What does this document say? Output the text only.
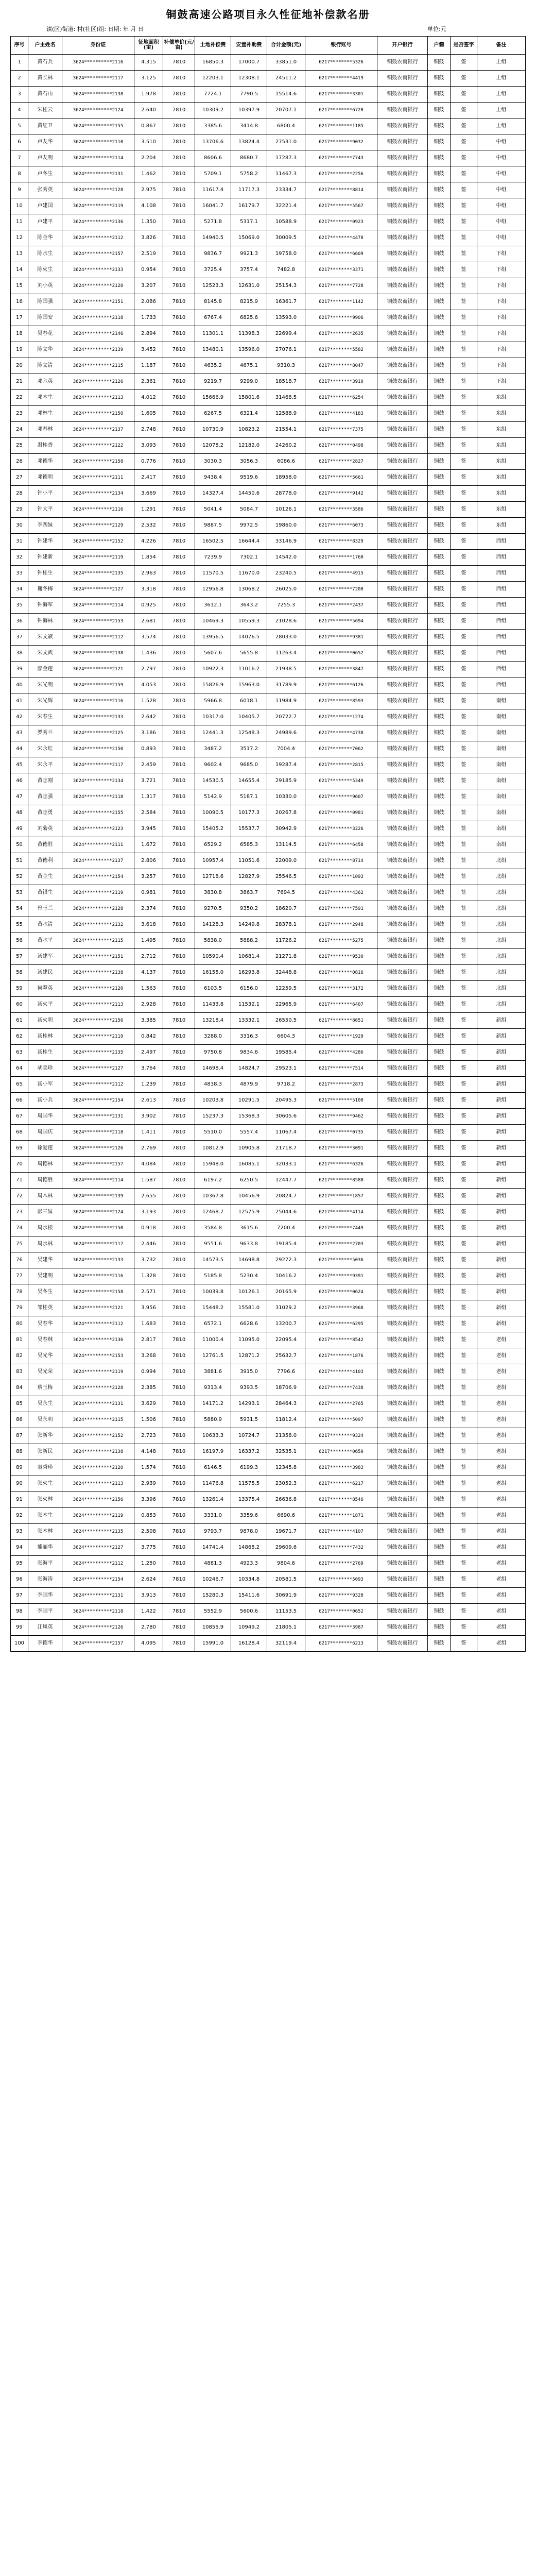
铜鼓高速公路项目永久性征地补偿款名册
镇(区)街道: 村(社区)组: 日期: 年 月 日	单位:元
序号	户主姓名	身份证	征地面积(亩)	补偿单价(元/亩)	土地补偿费	安置补助费	合计金额(元)	银行账号	开户银行	户籍	是否签字	备注
1	黄石兵	3624**********2116	4.315	7810	16850.3	17000.7	33851.0	6217********5326	铜鼓农商银行	铜鼓	签	上组
2	黄长林	3624**********2117	3.125	7810	12203.1	12308.1	24511.2	6217********4419	铜鼓农商银行	铜鼓	签	上组
3	黄石山	3624**********2138	1.978	7810	7724.1	7790.5	15514.6	6217********3301	铜鼓农商银行	铜鼓	签	上组
4	朱桂云	3624**********2124	2.640	7810	10309.2	10397.9	20707.1	6217********6720	铜鼓农商银行	铜鼓	签	上组
5	黄红卫	3624**********2155	0.867	7810	3385.6	3414.8	6800.4	6217********1185	铜鼓农商银行	铜鼓	签	上组
6	卢友华	3624**********2110	3.510	7810	13706.6	13824.4	27531.0	6217********9032	铜鼓农商银行	铜鼓	签	中组
7	卢友明	3624**********2114	2.204	7810	8606.6	8680.7	17287.3	6217********7743	铜鼓农商银行	铜鼓	签	中组
8	卢冬生	3624**********2131	1.462	7810	5709.1	5758.2	11467.3	6217********2256	铜鼓农商银行	铜鼓	签	中组
9	张秀英	3624**********2128	2.975	7810	11617.4	11717.3	23334.7	6217********8814	铜鼓农商银行	铜鼓	签	中组
10	卢建国	3624**********2119	4.108	7810	16041.7	16179.7	32221.4	6217********5567	铜鼓农商银行	铜鼓	签	中组
11	卢建平	3624**********2136	1.350	7810	5271.8	5317.1	10588.9	6217********0923	铜鼓农商银行	铜鼓	签	中组
12	陈金华	3624**********2112	3.826	7810	14940.5	15069.0	30009.5	6217********4478	铜鼓农商银行	铜鼓	签	中组
13	陈水生	3624**********2157	2.519	7810	9836.7	9921.3	19758.0	6217********6609	铜鼓农商银行	铜鼓	签	下组
14	陈火生	3624**********2133	0.954	7810	3725.4	3757.4	7482.8	6217********3371	铜鼓农商银行	铜鼓	签	下组
15	刘小英	3624**********2120	3.207	7810	12523.3	12631.0	25154.3	6217********7728	铜鼓农商银行	铜鼓	签	下组
16	陈国强	3624**********2151	2.086	7810	8145.8	8215.9	16361.7	6217********1142	铜鼓农商银行	铜鼓	签	下组
17	陈国安	3624**********2118	1.733	7810	6767.4	6825.6	13593.0	6217********9906	铜鼓农商银行	铜鼓	签	下组
18	吴春花	3624**********2146	2.894	7810	11301.1	11398.3	22699.4	6217********2635	铜鼓农商银行	铜鼓	签	下组
19	陈文华	3624**********2139	3.452	7810	13480.1	13596.0	27076.1	6217********5582	铜鼓农商银行	铜鼓	签	下组
20	陈文清	3624**********2115	1.187	7810	4635.2	4675.1	9310.3	6217********8047	铜鼓农商银行	铜鼓	签	下组
21	邓六英	3624**********2126	2.361	7810	9219.7	9299.0	18518.7	6217********3910	铜鼓农商银行	铜鼓	签	下组
22	邓木生	3624**********2113	4.012	7810	15666.9	15801.6	31468.5	6217********6254	铜鼓农商银行	铜鼓	签	东组
23	邓林生	3624**********2150	1.605	7810	6267.5	6321.4	12588.9	6217********4183	铜鼓农商银行	铜鼓	签	东组
24	邓春林	3624**********2137	2.748	7810	10730.9	10823.2	21554.1	6217********7375	铜鼓农商银行	铜鼓	签	东组
25	温桂香	3624**********2122	3.093	7810	12078.2	12182.0	24260.2	6217********0498	铜鼓农商银行	铜鼓	签	东组
26	邓德华	3624**********2158	0.776	7810	3030.3	3056.3	6086.6	6217********2827	铜鼓农商银行	铜鼓	签	东组
27	邓德明	3624**********2111	2.417	7810	9438.4	9519.6	18958.0	6217********5661	铜鼓农商银行	铜鼓	签	东组
28	钟小平	3624**********2134	3.669	7810	14327.4	14450.6	28778.0	6217********9142	铜鼓农商银行	铜鼓	签	东组
29	钟大平	3624**********2116	1.291	7810	5041.4	5084.7	10126.1	6217********3586	铜鼓农商银行	铜鼓	签	东组
30	李四妹	3624**********2129	2.532	7810	9887.5	9972.5	19860.0	6217********6073	铜鼓农商银行	铜鼓	签	东组
31	钟建华	3624**********2152	4.226	7810	16502.5	16644.4	33146.9	6217********8329	铜鼓农商银行	铜鼓	签	西组
32	钟建新	3624**********2119	1.854	7810	7239.9	7302.1	14542.0	6217********1760	铜鼓农商银行	铜鼓	签	西组
33	钟桂生	3624**********2135	2.963	7810	11570.5	11670.0	23240.5	6217********4915	铜鼓农商银行	铜鼓	签	西组
34	谢冬梅	3624**********2127	3.318	7810	12956.8	13068.2	26025.0	6217********7208	铜鼓农商银行	铜鼓	签	西组
35	钟海军	3624**********2114	0.925	7810	3612.1	3643.2	7255.3	6217********2437	铜鼓农商银行	铜鼓	签	西组
36	钟海林	3624**********2153	2.681	7810	10469.3	10559.3	21028.6	6217********5694	铜鼓农商银行	铜鼓	签	西组
37	朱文斌	3624**********2112	3.574	7810	13956.5	14076.5	28033.0	6217********9381	铜鼓农商银行	铜鼓	签	西组
38	朱文武	3624**********2138	1.436	7810	5607.6	5655.8	11263.4	6217********0652	铜鼓农商银行	铜鼓	签	西组
39	廖金莲	3624**********2121	2.797	7810	10922.3	11016.2	21938.5	6217********3847	铜鼓农商银行	铜鼓	签	西组
40	朱光明	3624**********2159	4.053	7810	15826.9	15963.0	31789.9	6217********6126	铜鼓农商银行	铜鼓	签	西组
41	朱光辉	3624**********2116	1.528	7810	5966.8	6018.1	11984.9	6217********8593	铜鼓农商银行	铜鼓	签	南组
42	朱春生	3624**********2133	2.642	7810	10317.0	10405.7	20722.7	6217********1274	铜鼓农商银行	铜鼓	签	南组
43	罗秀兰	3624**********2125	3.186	7810	12441.3	12548.3	24989.6	6217********4738	铜鼓农商银行	铜鼓	签	南组
44	朱永红	3624**********2150	0.893	7810	3487.2	3517.2	7004.4	6217********7062	铜鼓农商银行	铜鼓	签	南组
45	朱永平	3624**********2117	2.459	7810	9602.4	9685.0	19287.4	6217********2815	铜鼓农商银行	铜鼓	签	南组
46	黄志刚	3624**********2134	3.721	7810	14530.5	14655.4	29185.9	6217********5349	铜鼓农商银行	铜鼓	签	南组
47	黄志强	3624**********2118	1.317	7810	5142.9	5187.1	10330.0	6217********9607	铜鼓农商银行	铜鼓	签	南组
48	黄志勇	3624**********2155	2.584	7810	10090.5	10177.3	20267.8	6217********0981	铜鼓农商银行	铜鼓	签	南组
49	刘菊英	3624**********2123	3.945	7810	15405.2	15537.7	30942.9	6217********3226	铜鼓农商银行	铜鼓	签	南组
50	黄德胜	3624**********2111	1.672	7810	6529.2	6585.3	13114.5	6217********6458	铜鼓农商银行	铜鼓	签	南组
51	黄德利	3624**********2137	2.806	7810	10957.4	11051.6	22009.0	6217********8714	铜鼓农商银行	铜鼓	签	北组
52	黄金生	3624**********2154	3.257	7810	12718.6	12827.9	25546.5	6217********1093	铜鼓农商银行	铜鼓	签	北组
53	黄银生	3624**********2119	0.981	7810	3830.8	3863.7	7694.5	6217********4362	铜鼓农商银行	铜鼓	签	北组
54	曾玉兰	3624**********2128	2.374	7810	9270.5	9350.2	18620.7	6217********7591	铜鼓农商银行	铜鼓	签	北组
55	黄水清	3624**********2132	3.618	7810	14128.3	14249.8	28378.1	6217********2948	铜鼓农商银行	铜鼓	签	北组
56	黄水平	3624**********2115	1.495	7810	5838.0	5888.2	11726.2	6217********5275	铜鼓农商银行	铜鼓	签	北组
57	汤建军	3624**********2151	2.712	7810	10590.4	10681.4	21271.8	6217********9530	铜鼓农商银行	铜鼓	签	北组
58	汤建民	3624**********2138	4.137	7810	16155.0	16293.8	32448.8	6217********0816	铜鼓农商银行	铜鼓	签	北组
59	何翠英	3624**********2120	1.563	7810	6103.5	6156.0	12259.5	6217********3172	铜鼓农商银行	铜鼓	签	北组
60	汤火平	3624**********2113	2.928	7810	11433.8	11532.1	22965.9	6217********6407	铜鼓农商银行	铜鼓	签	北组
61	汤火明	3624**********2156	3.385	7810	13218.4	13332.1	26550.5	6217********8651	铜鼓农商银行	铜鼓	签	新组
62	汤桂林	3624**********2119	0.842	7810	3288.0	3316.3	6604.3	6217********1929	铜鼓农商银行	铜鼓	签	新组
63	汤桂生	3624**********2135	2.497	7810	9750.8	9834.6	19585.4	6217********4286	铜鼓农商银行	铜鼓	签	新组
64	胡美珍	3624**********2127	3.764	7810	14698.4	14824.7	29523.1	6217********7514	铜鼓农商银行	铜鼓	签	新组
65	汤小军	3624**********2112	1.239	7810	4838.3	4879.9	9718.2	6217********2873	铜鼓农商银行	铜鼓	签	新组
66	汤小兵	3624**********2154	2.613	7810	10203.8	10291.5	20495.3	6217********5108	铜鼓农商银行	铜鼓	签	新组
67	周国华	3624**********2131	3.902	7810	15237.3	15368.3	30605.6	6217********9462	铜鼓农商银行	铜鼓	签	新组
68	周国庆	3624**********2118	1.411	7810	5510.0	5557.4	11067.4	6217********0735	铜鼓农商银行	铜鼓	签	新组
69	徐爱莲	3624**********2126	2.769	7810	10812.9	10905.8	21718.7	6217********3091	铜鼓农商银行	铜鼓	签	新组
70	周德林	3624**********2157	4.084	7810	15948.0	16085.1	32033.1	6217********6326	铜鼓农商银行	铜鼓	签	新组
71	周德胜	3624**********2114	1.587	7810	6197.2	6250.5	12447.7	6217********8580	铜鼓农商银行	铜鼓	签	新组
72	周木林	3624**********2139	2.655	7810	10367.8	10456.9	20824.7	6217********1857	铜鼓农商银行	铜鼓	签	新组
73	彭三妹	3624**********2124	3.193	7810	12468.7	12575.9	25044.6	6217********4114	铜鼓农商银行	铜鼓	签	新组
74	周水根	3624**********2150	0.918	7810	3584.8	3615.6	7200.4	6217********7449	铜鼓农商银行	铜鼓	签	新组
75	周水林	3624**********2117	2.446	7810	9551.6	9633.8	19185.4	6217********2703	铜鼓农商银行	铜鼓	签	新组
76	吴建华	3624**********2133	3.732	7810	14573.5	14698.8	29272.3	6217********5036	铜鼓农商银行	铜鼓	签	新组
77	吴建明	3624**********2116	1.328	7810	5185.8	5230.4	10416.2	6217********9391	铜鼓农商银行	铜鼓	签	新组
78	吴冬生	3624**********2158	2.571	7810	10039.8	10126.1	20165.9	6217********0624	铜鼓农商银行	铜鼓	签	新组
79	邹桂英	3624**********2121	3.956	7810	15448.2	15581.0	31029.2	6217********3968	铜鼓农商银行	铜鼓	签	新组
80	吴春华	3624**********2112	1.683	7810	6572.1	6628.6	13200.7	6217********6295	铜鼓农商银行	铜鼓	签	新组
81	吴春林	3624**********2136	2.817	7810	11000.4	11095.0	22095.4	6217********8542	铜鼓农商银行	铜鼓	签	老组
82	吴光华	3624**********2153	3.268	7810	12761.5	12871.2	25632.7	6217********1876	铜鼓农商银行	铜鼓	签	老组
83	吴光荣	3624**********2119	0.994	7810	3881.6	3915.0	7796.6	6217********4103	铜鼓农商银行	铜鼓	签	老组
84	蔡玉梅	3624**********2128	2.385	7810	9313.4	9393.5	18706.9	6217********7438	铜鼓农商银行	铜鼓	签	老组
85	吴永生	3624**********2131	3.629	7810	14171.2	14293.1	28464.3	6217********2765	铜鼓农商银行	铜鼓	签	老组
86	吴永明	3624**********2115	1.506	7810	5880.9	5931.5	11812.4	6217********5097	铜鼓农商银行	铜鼓	签	老组
87	张新华	3624**********2152	2.723	7810	10633.3	10724.7	21358.0	6217********9324	铜鼓农商银行	铜鼓	签	老组
88	张新民	3624**********2138	4.148	7810	16197.9	16337.2	32535.1	6217********0659	铜鼓农商银行	铜鼓	签	老组
89	袁秀珍	3624**********2120	1.574	7810	6146.5	6199.3	12345.8	6217********3983	铜鼓农商银行	铜鼓	签	老组
90	张火生	3624**********2113	2.939	7810	11476.8	11575.5	23052.3	6217********6217	铜鼓农商银行	铜鼓	签	老组
91	张火林	3624**********2156	3.396	7810	13261.4	13375.4	26636.8	6217********8546	铜鼓农商银行	铜鼓	签	老组
92	张木生	3624**********2119	0.853	7810	3331.0	3359.6	6690.6	6217********1871	铜鼓农商银行	铜鼓	签	老组
93	张木林	3624**********2135	2.508	7810	9793.7	9878.0	19671.7	6217********4107	铜鼓农商银行	铜鼓	签	老组
94	熊丽华	3624**********2127	3.775	7810	14741.4	14868.2	29609.6	6217********7432	铜鼓农商银行	铜鼓	签	老组
95	张海平	3624**********2112	1.250	7810	4881.3	4923.3	9804.6	6217********2769	铜鼓农商银行	铜鼓	签	老组
96	张海涛	3624**********2154	2.624	7810	10246.7	10334.8	20581.5	6217********5093	铜鼓农商银行	铜鼓	签	老组
97	李国华	3624**********2131	3.913	7810	15280.3	15411.6	30691.9	6217********9328	铜鼓农商银行	铜鼓	签	老组
98	李国平	3624**********2118	1.422	7810	5552.9	5600.6	11153.5	6217********0652	铜鼓农商银行	铜鼓	签	老组
99	江凤英	3624**********2126	2.780	7810	10855.9	10949.2	21805.1	6217********3987	铜鼓农商银行	铜鼓	签	老组
100	李德华	3624**********2157	4.095	7810	15991.0	16128.4	32119.4	6217********6213	铜鼓农商银行	铜鼓	签	老组
